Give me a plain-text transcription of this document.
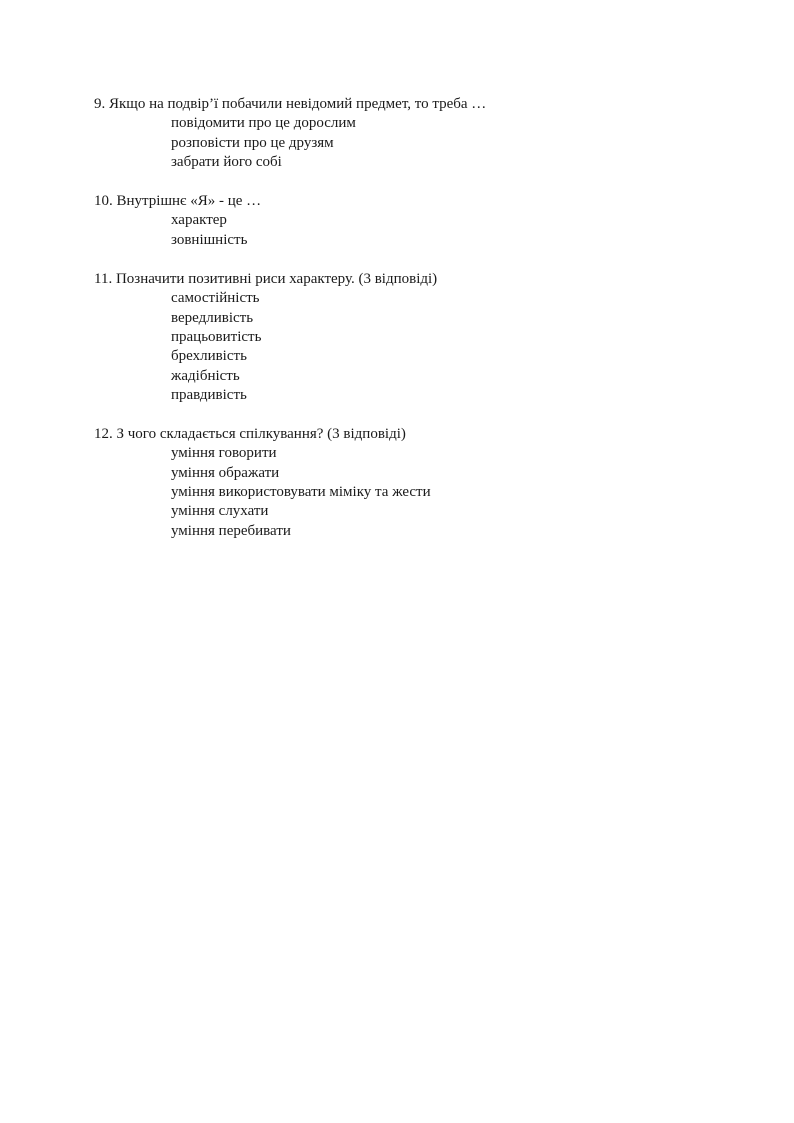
9. Якщо на подвір’ї побачили невідомий предмет, то треба …
повідомити про це дорослим
розповісти про це друзям
забрати його собі
10. Внутрішнє «Я» - це …
характер
зовнішність
11. Позначити позитивні риси характеру. (3 відповіді)
самостійність
вередливість
працьовитість
брехливість
жадібність
правдивість
12. З чого складається спілкування? (3 відповіді)
уміння говорити
уміння ображати
уміння використовувати міміку та жести
уміння слухати
уміння перебивати
